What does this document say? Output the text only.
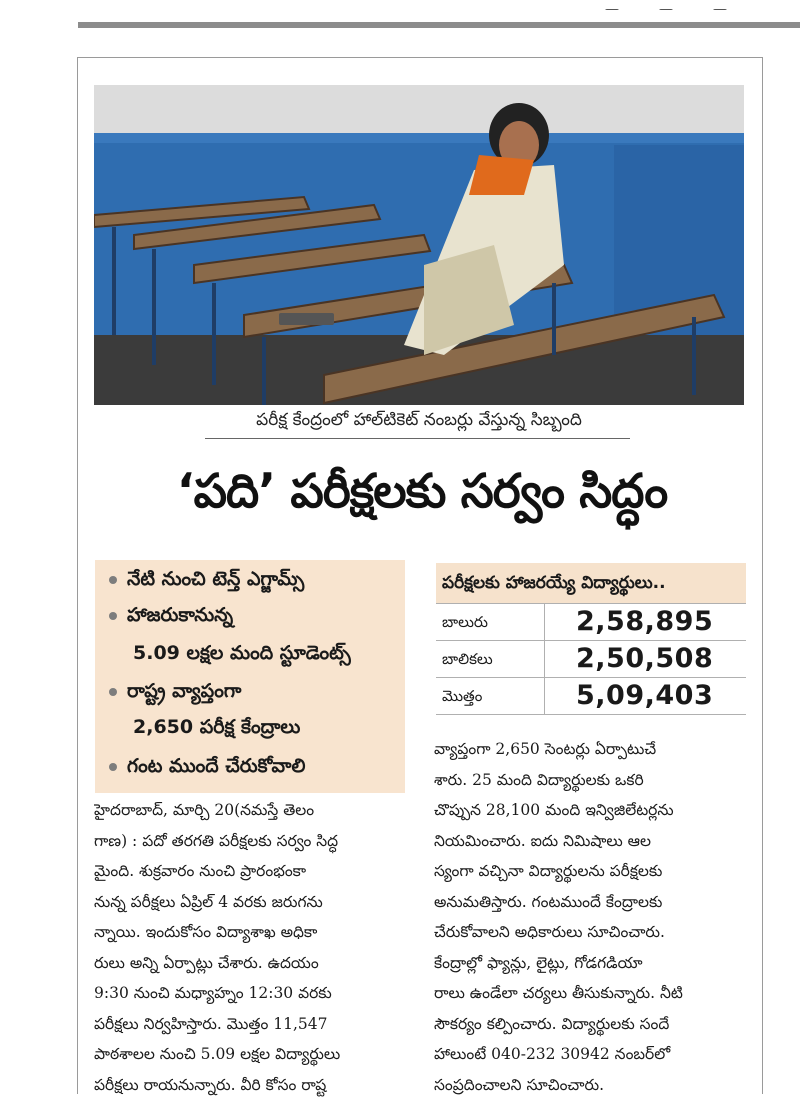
పరీక్ష కేంద్రంలో హాల్‌టికెట్ నంబర్లు వేస్తున్న సిబ్బంది
‘పది’ పరీక్షలకు సర్వం సిద్ధం
నేటి నుంచి టెన్త్ ఎగ్జామ్స్
హాజరుకానున్న
5.09 లక్షల మంది స్టూడెంట్స్
రాష్ట్ర వ్యాప్తంగా
2,650 పరీక్ష కేంద్రాలు
గంట ముందే చేరుకోవాలి
పరీక్షలకు హాజరయ్యే విద్యార్థులు..
బాలురు	2,58,895
బాలికలు	2,50,508
మొత్తం	5,09,403

హైదరాబాద్, మార్చి 20(నమస్తే తెలం

గాణ) : పదో తరగతి పరీక్షలకు సర్వం సిద్ధ

మైంది. శుక్రవారం నుంచి ప్రారంభంకా

నున్న పరీక్షలు ఏప్రిల్ 4 వరకు జరుగను

న్నాయి. ఇందుకోసం విద్యాశాఖ అధికా

రులు అన్ని ఏర్పాట్లు చేశారు. ఉదయం

9:30 నుంచి మధ్యాహ్నం 12:30 వరకు

పరీక్షలు నిర్వహిస్తారు. మొత్తం 11,547

పాఠశాలల నుంచి 5.09 లక్షల విద్యార్థులు

పరీక్షలు రాయనున్నారు. వీరి కోసం రాష్ట

వ్యాప్తంగా 2,650 సెంటర్లు ఏర్పాటుచే

శారు. 25 మంది విద్యార్థులకు ఒకరి

చొప్పున 28,100 మంది ఇన్విజిలేటర్లను

నియమించారు. ఐదు నిమిషాలు ఆల

స్యంగా వచ్చినా విద్యార్థులను పరీక్షలకు

అనుమతిస్తారు. గంటముందే కేంద్రాలకు

చేరుకోవాలని అధికారులు సూచించారు.

కేంద్రాల్లో ఫ్యాన్లు, లైట్లు, గోడగడియా

రాలు ఉండేలా చర్యలు తీసుకున్నారు. నీటి

సౌకర్యం కల్పించారు. విద్యార్థులకు సందే

హాలుంటే 040-232 30942 నంబర్‌లో

సంప్రదించాలని సూచించారు.
